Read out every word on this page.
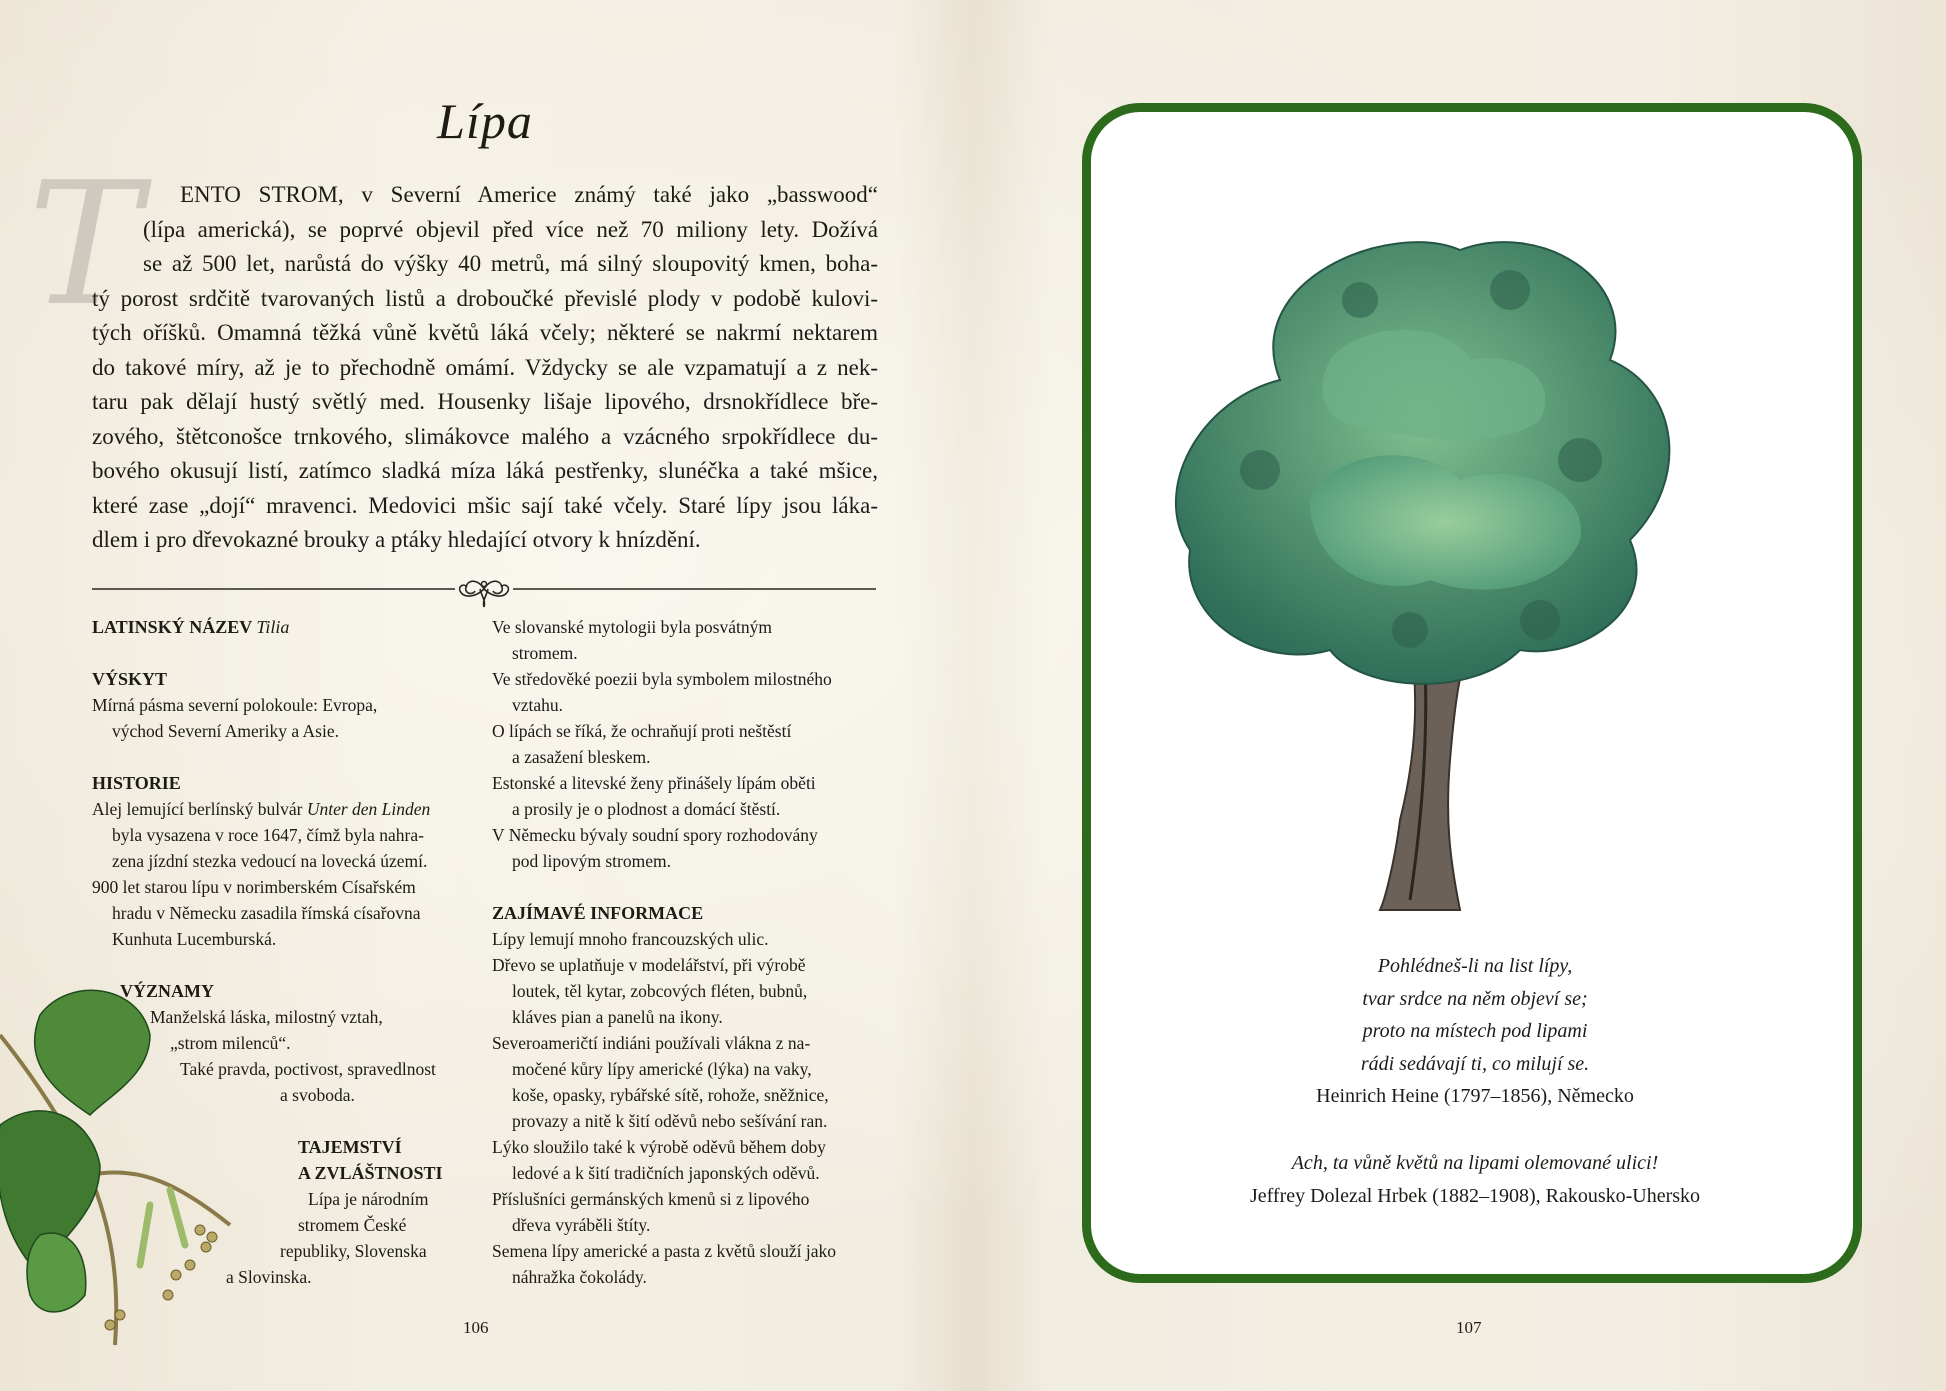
Lípa
T	ENTO STROM, v Severní Americe známý také jako „basswood“
(lípa americká), se poprvé objevil před více než 70 miliony lety. Dožívá
se až 500 let, narůstá do výšky 40 metrů, má silný sloupovitý kmen, boha-
tý porost srdčitě tvarovaných listů a droboučké převislé plody v podobě kulovi-
tých oříšků. Omamná těžká vůně květů láká včely; některé se nakrmí nektarem
do takové míry, až je to přechodně omámí. Vždycky se ale vzpamatují a z nek-
taru pak dělají hustý světlý med. Housenky lišaje lipového, drsnokřídlece bře-
zového, štětconošce trnkového, slimákovce malého a vzácného srpokřídlece du-
bového okusují listí, zatímco sladká míza láká pestřenky, slunéčka a také mšice,
které zase „dojí“ mravenci. Medovici mšic sají také včely. Staré lípy jsou láka-
dlem i pro dřevokazné brouky a ptáky hledající otvory k hnízdění.
LATINSKÝ NÁZEV Tilia
VÝSKYT
Mírná pásma severní polokoule: Evropa,
východ Severní Ameriky a Asie.
HISTORIE
Alej lemující berlínský bulvár Unter den Linden
byla vysazena v roce 1647, čímž byla nahra-
zena jízdní stezka vedoucí na lovecká území.
900 let starou lípu v norimberském Císařském
hradu v Německu zasadila římská císařovna
Kunhuta Lucemburská.
VÝZNAMY
Manželská láska, milostný vztah,
„strom milenců“.
Také pravda, poctivost, spravedlnost
a svoboda.
TAJEMSTVÍ
A ZVLÁŠTNOSTI
Lípa je národním
stromem České
republiky, Slovenska
a Slovinska.
Ve slovanské mytologii byla posvátným
stromem.
Ve středověké poezii byla symbolem milostného
vztahu.
O lípách se říká, že ochraňují proti neštěstí
a zasažení bleskem.
Estonské a litevské ženy přinášely lípám oběti
a prosily je o plodnost a domácí štěstí.
V Německu bývaly soudní spory rozhodovány
pod lipovým stromem.
ZAJÍMAVÉ INFORMACE
Lípy lemují mnoho francouzských ulic.
Dřevo se uplatňuje v modelářství, při výrobě
loutek, těl kytar, zobcových fléten, bubnů,
kláves pian a panelů na ikony.
Severoameričtí indiáni používali vlákna z na-
močené kůry lípy americké (lýka) na vaky,
koše, opasky, rybářské sítě, rohože, sněžnice,
provazy a nitě k šití oděvů nebo sešívání ran.
Lýko sloužilo také k výrobě oděvů během doby
ledové a k šití tradičních japonských oděvů.
Příslušníci germánských kmenů si z lipového
dřeva vyráběli štíty.
Semena lípy americké a pasta z květů slouží jako
náhražka čokolády.
106
Pohlédneš-li na list lípy,
tvar srdce na něm objeví se;
proto na místech pod lipami
rádi sedávají ti, co milují se.
Heinrich Heine (1797–1856), Německo
Ach, ta vůně květů na lipami olemované ulici!
Jeffrey Dolezal Hrbek (1882–1908), Rakousko-Uhersko
107
